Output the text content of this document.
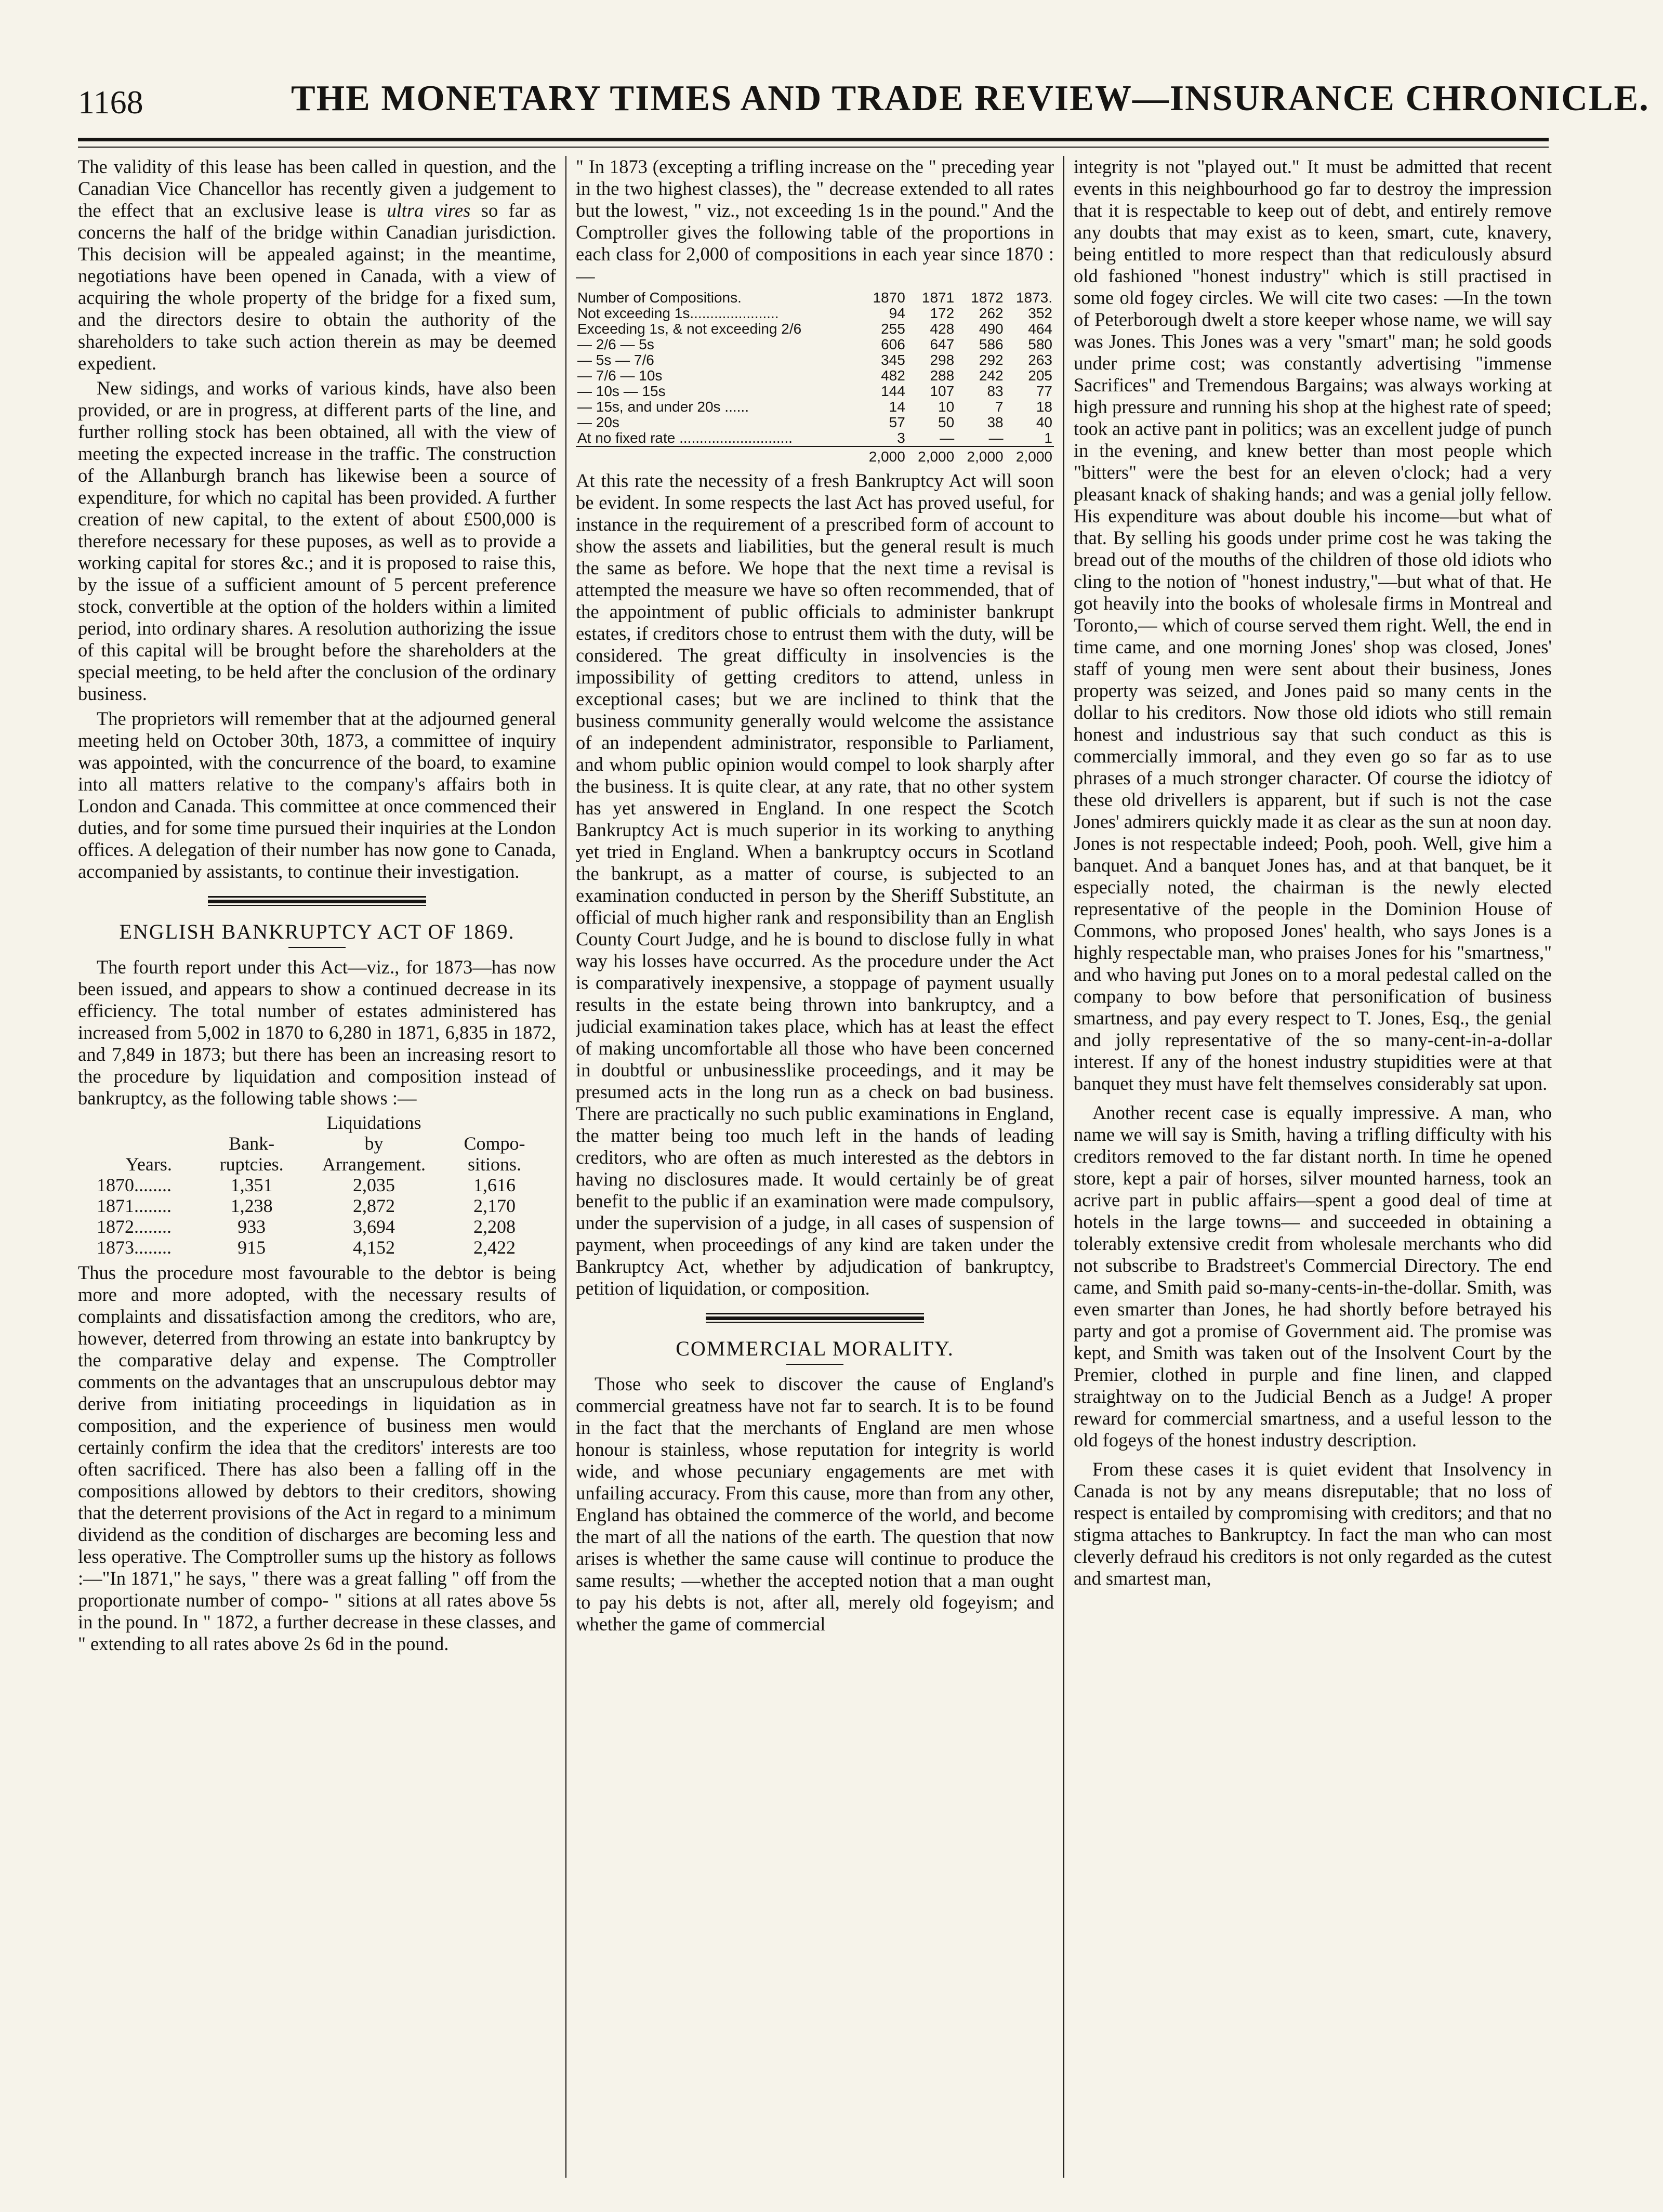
1168	THE MONETARY TIMES AND TRADE REVIEW—INSURANCE CHRONICLE.

The validity of this lease has been called in question, and the Canadian Vice Chancellor has recently given a judgement to the effect that an exclusive lease is ultra vires so far as concerns the half of the bridge within Canadian jurisdiction. This decision will be appealed against; in the meantime, negotiations have been opened in Canada, with a view of acquiring the whole property of the bridge for a fixed sum, and the directors desire to obtain the authority of the shareholders to take such action therein as may be deemed expedient.

New sidings, and works of various kinds, have also been provided, or are in progress, at different parts of the line, and further rolling stock has been obtained, all with the view of meeting the expected increase in the traffic. The construction of the Allanburgh branch has likewise been a source of expenditure, for which no capital has been provided. A further creation of new capital, to the extent of about £500,000 is therefore necessary for these puposes, as well as to provide a working capital for stores &c.; and it is proposed to raise this, by the issue of a sufficient amount of 5 percent preference stock, convertible at the option of the holders within a limited period, into ordinary shares. A resolution authorizing the issue of this capital will be brought before the shareholders at the special meeting, to be held after the conclusion of the ordinary business.

The proprietors will remember that at the adjourned general meeting held on October 30th, 1873, a committee of inquiry was appointed, with the concurrence of the board, to examine into all matters relative to the company's affairs both in London and Canada. This committee at once commenced their duties, and for some time pursued their inquiries at the London offices. A delegation of their number has now gone to Canada, accompanied by assistants, to continue their investigation.

ENGLISH BANKRUPTCY ACT OF 1869.

The fourth report under this Act—viz., for 1873—has now been issued, and appears to show a continued decrease in its efficiency. The total number of estates administered has increased from 5,002 in 1870 to 6,280 in 1871, 6,835 in 1872, and 7,849 in 1873; but there has been an increasing resort to the procedure by liquidation and composition instead of bankruptcy, as the following table shows :—

		Liquidations	
	Bank-	by	Compo-
Years.	ruptcies.	Arrangement.	sitions.
1870........	1,351	2,035	1,616
1871........	1,238	2,872	2,170
1872........	933	3,694	2,208
1873........	915	4,152	2,422

Thus the procedure most favourable to the debtor is being more and more adopted, with the necessary results of complaints and dissatisfaction among the creditors, who are, however, deterred from throwing an estate into bankruptcy by the comparative delay and expense. The Comptroller comments on the advantages that an unscrupulous debtor may derive from initiating proceedings in liquidation as in composition, and the experience of business men would certainly confirm the idea that the creditors' interests are too often sacrificed. There has also been a falling off in the compositions allowed by debtors to their creditors, showing that the deterrent provisions of the Act in regard to a minimum dividend as the condition of discharges are becoming less and less operative. The Comptroller sums up the history as follows :—"In 1871," he says, " there was a great falling " off from the proportionate number of compo- " sitions at all rates above 5s in the pound. In " 1872, a further decrease in these classes, and " extending to all rates above 2s 6d in the pound.

" In 1873 (excepting a trifling increase on the " preceding year in the two highest classes), the " decrease extended to all rates but the lowest, " viz., not exceeding 1s in the pound." And the Comptroller gives the following table of the proportions in each class for 2,000 of compositions in each year since 1870 :—

Number of Compositions.	1870	1871	1872	1873.
Not exceeding 1s......................	94	172	262	352
Exceeding 1s, & not exceeding 2/6	255	428	490	464
— 2/6 — 5s	606	647	586	580
— 5s — 7/6	345	298	292	263
— 7/6 — 10s	482	288	242	205
— 10s — 15s	144	107	83	77
— 15s, and under 20s ......	14	10	7	18
— 20s	57	50	38	40
At no fixed rate ............................	3	—	—	1
	2,000	2,000	2,000	2,000

At this rate the necessity of a fresh Bankruptcy Act will soon be evident. In some respects the last Act has proved useful, for instance in the requirement of a prescribed form of account to show the assets and liabilities, but the general result is much the same as before. We hope that the next time a revisal is attempted the measure we have so often recommended, that of the appointment of public officials to administer bankrupt estates, if creditors chose to entrust them with the duty, will be considered. The great difficulty in insolvencies is the impossibility of getting creditors to attend, unless in exceptional cases; but we are inclined to think that the business community generally would welcome the assistance of an independent administrator, responsible to Parliament, and whom public opinion would compel to look sharply after the business. It is quite clear, at any rate, that no other system has yet answered in England. In one respect the Scotch Bankruptcy Act is much superior in its working to anything yet tried in England. When a bankruptcy occurs in Scotland the bankrupt, as a matter of course, is subjected to an examination conducted in person by the Sheriff Substitute, an official of much higher rank and responsibility than an English County Court Judge, and he is bound to disclose fully in what way his losses have occurred. As the procedure under the Act is comparatively inexpensive, a stoppage of payment usually results in the estate being thrown into bankruptcy, and a judicial examination takes place, which has at least the effect of making uncomfortable all those who have been concerned in doubtful or unbusinesslike proceedings, and it may be presumed acts in the long run as a check on bad business. There are practically no such public examinations in England, the matter being too much left in the hands of leading creditors, who are often as much interested as the debtors in having no disclosures made. It would certainly be of great benefit to the public if an examination were made compulsory, under the supervision of a judge, in all cases of suspension of payment, when proceedings of any kind are taken under the Bankruptcy Act, whether by adjudication of bankruptcy, petition of liquidation, or composition.

COMMERCIAL MORALITY.

Those who seek to discover the cause of England's commercial greatness have not far to search. It is to be found in the fact that the merchants of England are men whose honour is stainless, whose reputation for integrity is world wide, and whose pecuniary engagements are met with unfailing accuracy. From this cause, more than from any other, England has obtained the commerce of the world, and become the mart of all the nations of the earth. The question that now arises is whether the same cause will continue to produce the same results; —whether the accepted notion that a man ought to pay his debts is not, after all, merely old fogeyism; and whether the game of commercial

integrity is not "played out." It must be admitted that recent events in this neighbourhood go far to destroy the impression that it is respectable to keep out of debt, and entirely remove any doubts that may exist as to keen, smart, cute, knavery, being entitled to more respect than that rediculously absurd old fashioned "honest industry" which is still practised in some old fogey circles. We will cite two cases: —In the town of Peterborough dwelt a store keeper whose name, we will say was Jones. This Jones was a very "smart" man; he sold goods under prime cost; was constantly advertising "immense Sacrifices" and Tremendous Bargains; was always working at high pressure and running his shop at the highest rate of speed; took an active pant in politics; was an excellent judge of punch in the evening, and knew better than most people which "bitters" were the best for an eleven o'clock; had a very pleasant knack of shaking hands; and was a genial jolly fellow. His expenditure was about double his income—but what of that. By selling his goods under prime cost he was taking the bread out of the mouths of the children of those old idiots who cling to the notion of "honest industry,"—but what of that. He got heavily into the books of wholesale firms in Montreal and Toronto,— which of course served them right. Well, the end in time came, and one morning Jones' shop was closed, Jones' staff of young men were sent about their business, Jones property was seized, and Jones paid so many cents in the dollar to his creditors. Now those old idiots who still remain honest and industrious say that such conduct as this is commercially immoral, and they even go so far as to use phrases of a much stronger character. Of course the idiotcy of these old drivellers is apparent, but if such is not the case Jones' admirers quickly made it as clear as the sun at noon day. Jones is not respectable indeed; Pooh, pooh. Well, give him a banquet. And a banquet Jones has, and at that banquet, be it especially noted, the chairman is the newly elected representative of the people in the Dominion House of Commons, who proposed Jones' health, who says Jones is a highly respectable man, who praises Jones for his "smartness," and who having put Jones on to a moral pedestal called on the company to bow before that personification of business smartness, and pay every respect to T. Jones, Esq., the genial and jolly representative of the so many-cent-in-a-dollar interest. If any of the honest industry stupidities were at that banquet they must have felt themselves considerably sat upon.

Another recent case is equally impressive. A man, who name we will say is Smith, having a trifling difficulty with his creditors removed to the far distant north. In time he opened store, kept a pair of horses, silver mounted harness, took an acrive part in public affairs—spent a good deal of time at hotels in the large towns— and succeeded in obtaining a tolerably extensive credit from wholesale merchants who did not subscribe to Bradstreet's Commercial Directory. The end came, and Smith paid so-many-cents-in-the-dollar. Smith, was even smarter than Jones, he had shortly before betrayed his party and got a promise of Government aid. The promise was kept, and Smith was taken out of the Insolvent Court by the Premier, clothed in purple and fine linen, and clapped straightway on to the Judicial Bench as a Judge! A proper reward for commercial smartness, and a useful lesson to the old fogeys of the honest industry description.

From these cases it is quiet evident that Insolvency in Canada is not by any means disreputable; that no loss of respect is entailed by compromising with creditors; and that no stigma attaches to Bankruptcy. In fact the man who can most cleverly defraud his creditors is not only regarded as the cutest and smartest man,
